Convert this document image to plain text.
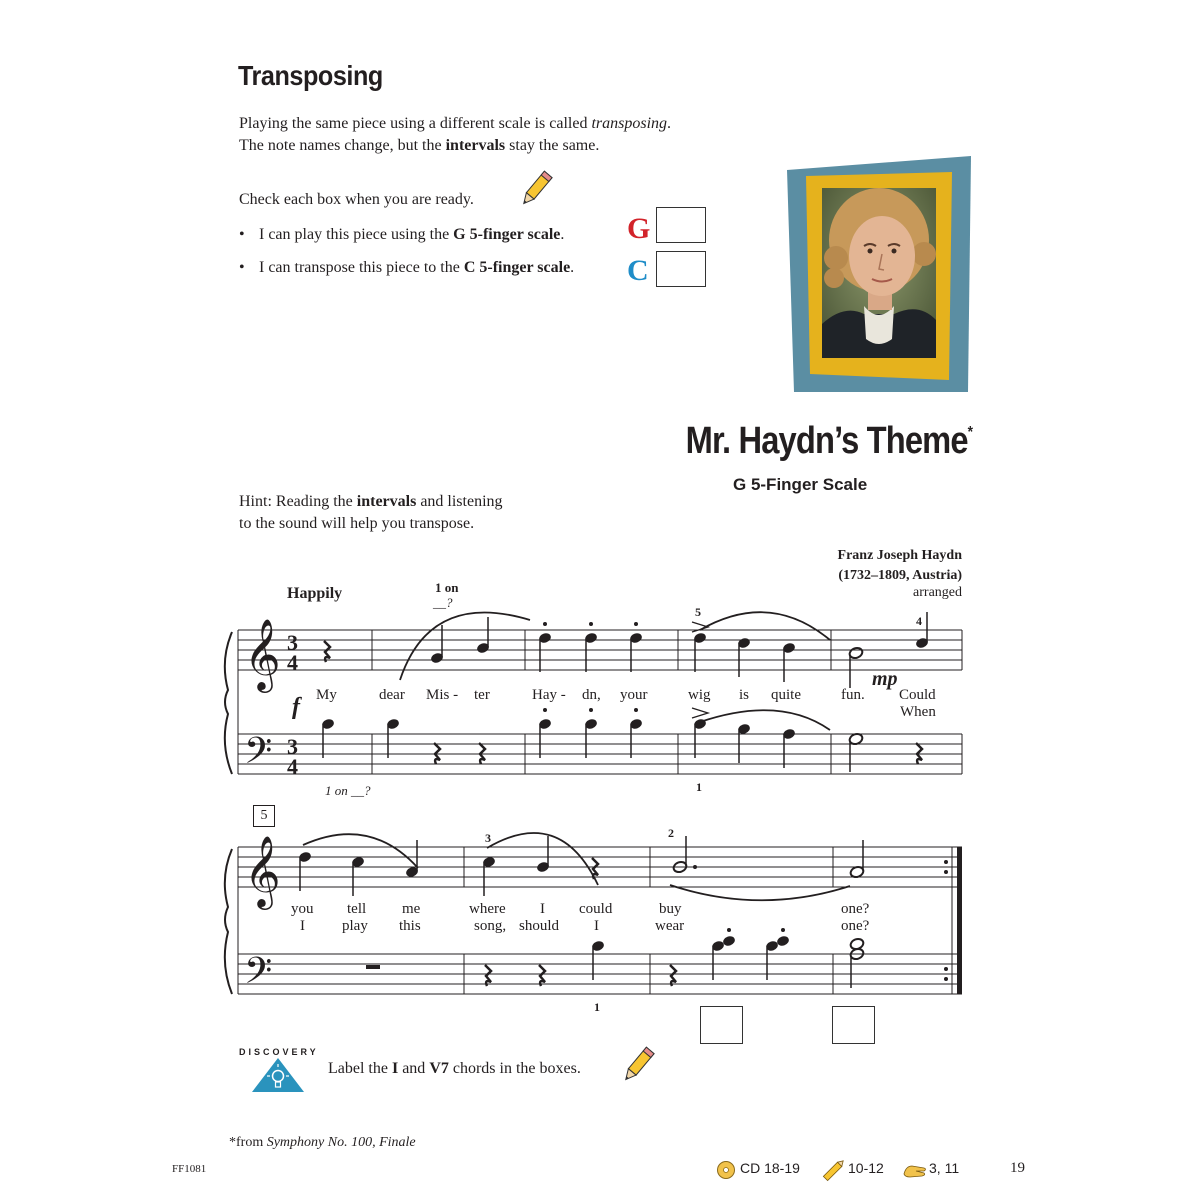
Transposing
Playing the same piece using a different scale is called transposing.
The note names change, but the intervals stay the same.
Check each box when you are ready.
• I can play this piece using the G 5-finger scale. G
• I can transpose this piece to the C 5-finger scale. C
Mr. Haydn’s Theme*
G 5-Finger Scale
Hint: Reading the intervals and listening
to the sound will help you transpose.
Franz Joseph Haydn
(1732–1809, Austria)
arranged
Happily
𝄞
𝄢
3
4
3
4
𝄞
𝄢
1 on
__?
1 on __?
5
4
1
3	2
1
f
mp
5
My	dear Mis - ter	Hay - dn, your	wig is quite	fun. Could
When
you tell me	where I could	buy	one?
I play this	song, should I	wear	one?
DISCOVERY
Label the I and V7 chords in the boxes.
*from Symphony No. 100, Finale
FF1081	CD 18-19	10-12	3, 11	19
